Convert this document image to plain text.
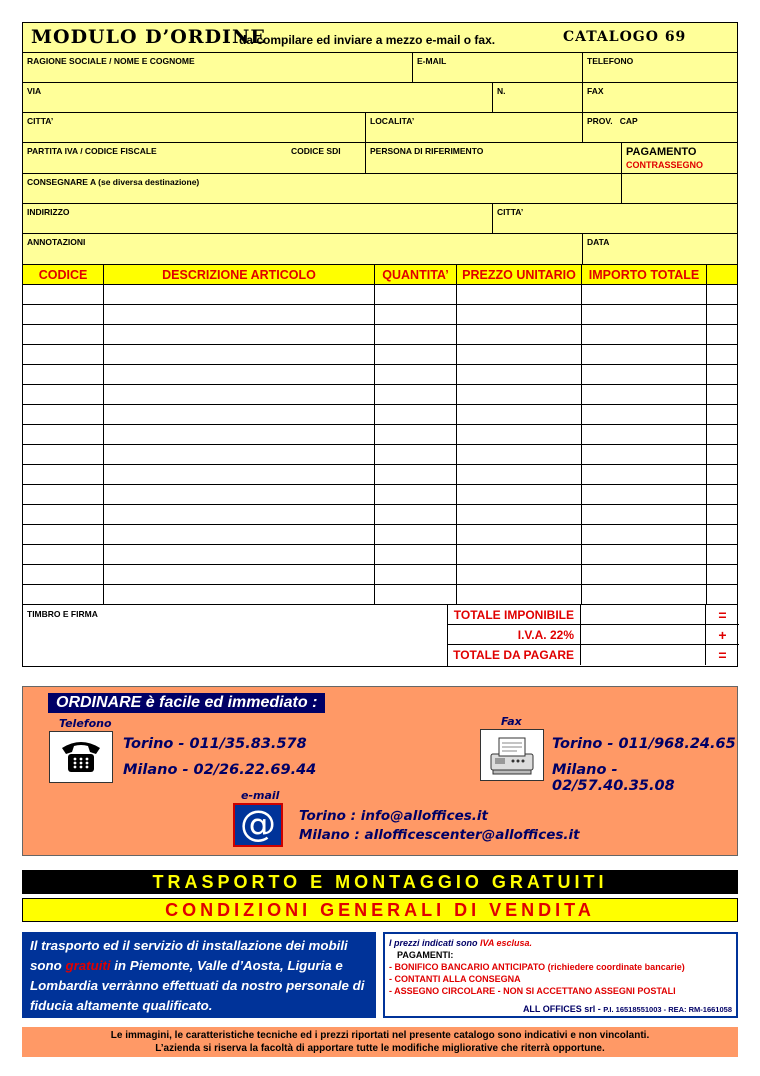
MODULO D’ORDINE
da compilare ed inviare a mezzo e-mail o fax.	CATALOGO 69
RAGIONE SOCIALE / NOME E COGNOME	E-MAIL	TELEFONO
VIA	N.	FAX
CITTA’	LOCALITA’	PROV. CAP
PARTITA IVA / CODICE FISCALE	CODICE SDI	PERSONA DI RIFERIMENTO	PAGAMENTO
CONTRASSEGNO
CONSEGNARE A (se diversa destinazione)
INDIRIZZO	CITTA’
ANNOTAZIONI	DATA
CODICE	DESCRIZIONE ARTICOLO	QUANTITA’	PREZZO UNITARIO	IMPORTO TOTALE
TIMBRO E FIRMA	TOTALE IMPONIBILE	=
I.V.A. 22%	+
TOTALE DA PAGARE	=
ORDINARE è facile ed immediato :
Telefono
Torino - 011/35.83.578
Milano - 02/26.22.69.44
Fax
Torino - 011/968.24.65
Milano - 02/57.40.35.08
e-mail
@	Torino : info@alloffices.it
Milano : allofficescenter@alloffices.it
TRASPORTO E MONTAGGIO GRATUITI
CONDIZIONI GENERALI DI VENDITA
Il trasporto ed il servizio di installazione dei mobili sono gratuiti in Piemonte, Valle d’Aosta, Liguria e Lombardia verrànno effettuati da nostro personale di fiducia altamente qualificato.
I prezzi indicati sono IVA esclusa.
PAGAMENTI:
- BONIFICO BANCARIO ANTICIPATO (richiedere coordinate bancarie)
- CONTANTI ALLA CONSEGNA
- ASSEGNO CIRCOLARE - NON SI ACCETTANO ASSEGNI POSTALI
ALL OFFICES srl - P.I. 16518551003 - REA: RM-1661058
Le immagini, le caratteristiche tecniche ed i prezzi riportati nel presente catalogo sono indicativi e non vincolanti.
L’azienda si riserva la facoltà di apportare tutte le modifiche migliorative che riterrà opportune.
